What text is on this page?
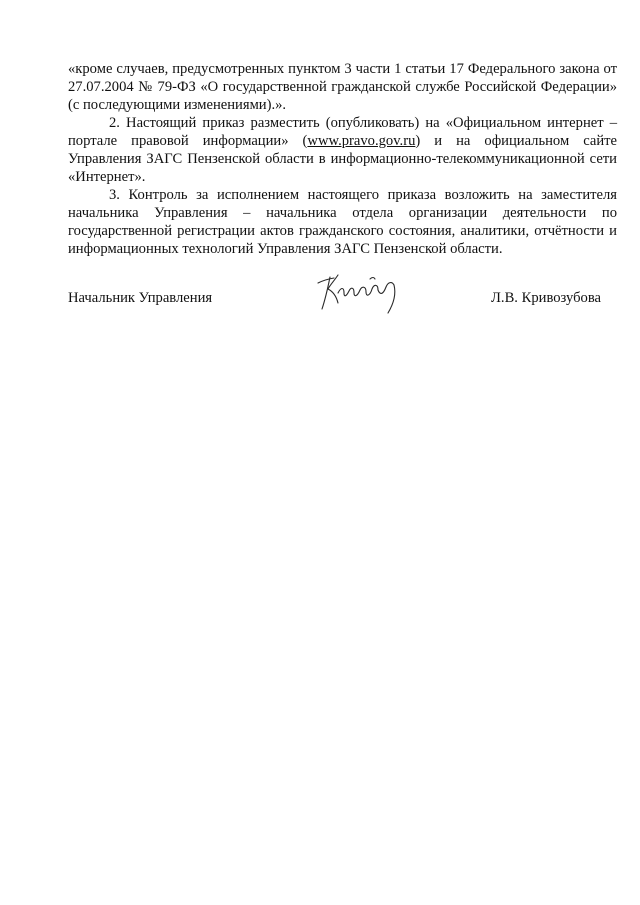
«кроме случаев, предусмотренных пунктом 3 части 1 статьи 17 Федерального закона от 27.07.2004 № 79-ФЗ «О государственной гражданской службе Российской Федерации» (с последующими изменениями).».

2. Настоящий приказ разместить (опубликовать) на «Официальном интернет – портале правовой информации» (www.pravo.gov.ru) и на официальном сайте Управления ЗАГС Пензенской области в информационно-телекоммуникационной сети «Интернет».

3. Контроль за исполнением настоящего приказа возложить на заместителя начальника Управления – начальника отдела организации деятельности по государственной регистрации актов гражданского состояния, аналитики, отчётности и информационных технологий Управления ЗАГС Пензенской области.

Начальник Управления	Л.В. Кривозубова
